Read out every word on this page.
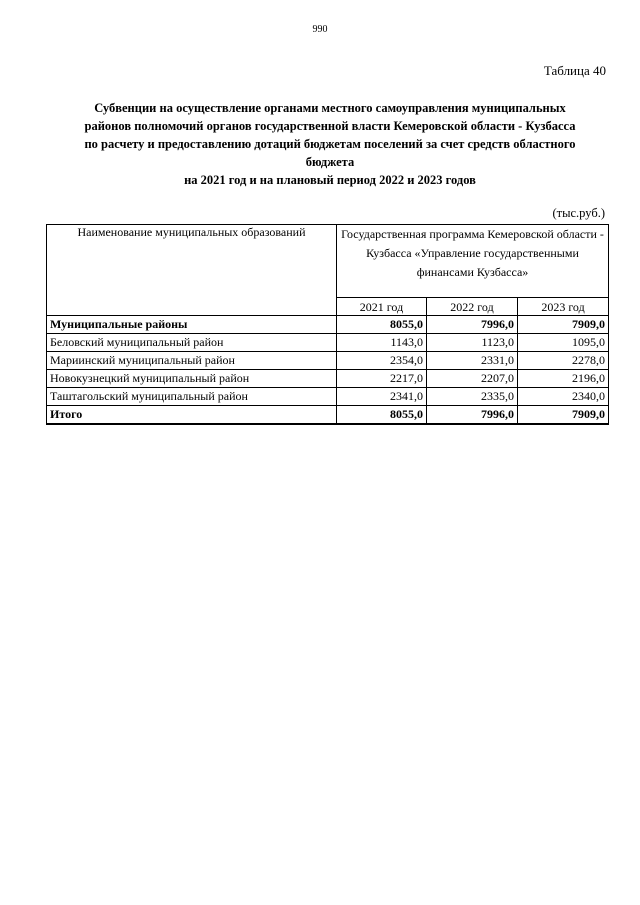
990
Таблица 40
Субвенции на осуществление органами местного самоуправления муниципальных
районов полномочий органов государственной власти Кемеровской области - Кузбасса
по расчету и предоставлению дотаций бюджетам поселений за счет средств областного
бюджета
на 2021 год и на плановый период 2022 и 2023 годов
(тыс.руб.)
Наименование муниципальных образований	Государственная программа Кемеровской области - Кузбасса «Управление государственными финансами Кузбасса»		
	2021 год	2022 год	2023 год
Муниципальные районы	8055,0	7996,0	7909,0
Беловский муниципальный район	1143,0	1123,0	1095,0
Мариинский муниципальный район	2354,0	2331,0	2278,0
Новокузнецкий муниципальный район	2217,0	2207,0	2196,0
Таштагольский муниципальный район	2341,0	2335,0	2340,0
Итого	8055,0	7996,0	7909,0
